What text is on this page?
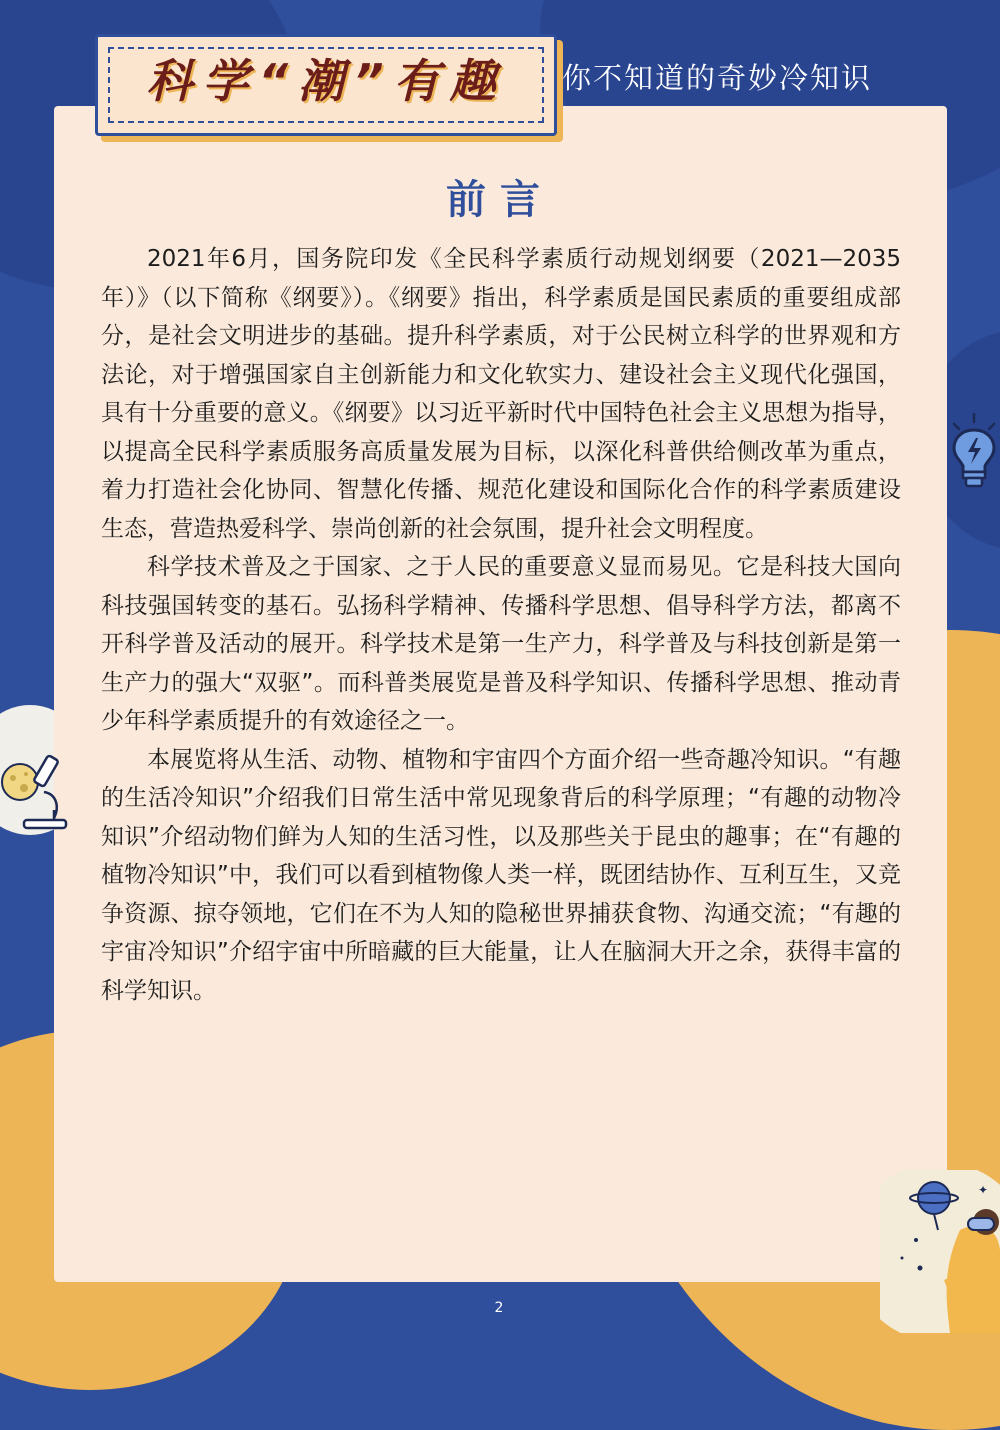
科学“潮”有趣	你不知道的奇妙冷知识
前言

2021年6月，国务院印发《全民科学素质行动规划纲要（2021—2035年）》（以下简称《纲要》）。《纲要》指出，科学素质是国民素质的重要组成部分，是社会文明进步的基础。提升科学素质，对于公民树立科学的世界观和方法论，对于增强国家自主创新能力和文化软实力、建设社会主义现代化强国，具有十分重要的意义。《纲要》以习近平新时代中国特色社会主义思想为指导，以提高全民科学素质服务高质量发展为目标，以深化科普供给侧改革为重点，着力打造社会化协同、智慧化传播、规范化建设和国际化合作的科学素质建设生态，营造热爱科学、崇尚创新的社会氛围，提升社会文明程度。

科学技术普及之于国家、之于人民的重要意义显而易见。它是科技大国向科技强国转变的基石。弘扬科学精神、传播科学思想、倡导科学方法，都离不开科学普及活动的展开。科学技术是第一生产力，科学普及与科技创新是第一生产力的强大“双驱”。而科普类展览是普及科学知识、传播科学思想、推动青少年科学素质提升的有效途径之一。

本展览将从生活、动物、植物和宇宙四个方面介绍一些奇趣冷知识。“有趣的生活冷知识”介绍我们日常生活中常见现象背后的科学原理；“有趣的动物冷知识”介绍动物们鲜为人知的生活习性，以及那些关于昆虫的趣事；在“有趣的植物冷知识”中，我们可以看到植物像人类一样，既团结协作、互利互生，又竞争资源、掠夺领地，它们在不为人知的隐秘世界捕获食物、沟通交流；“有趣的宇宙冷知识”介绍宇宙中所暗藏的巨大能量，让人在脑洞大开之余，获得丰富的科学知识。

✦
2
